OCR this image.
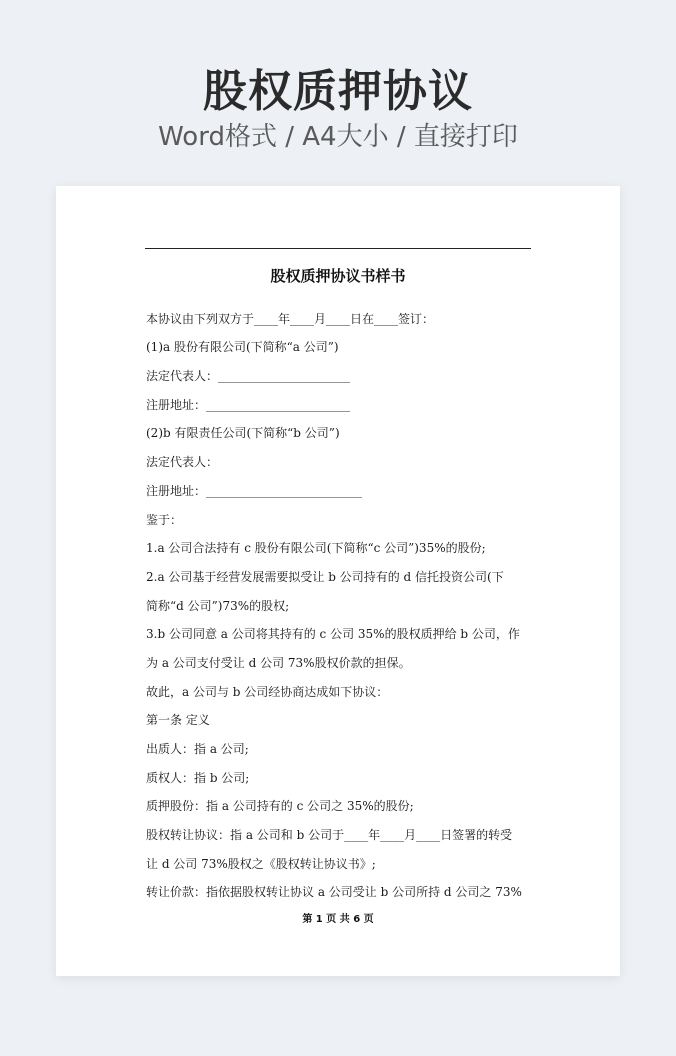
股权质押协议
Word格式 / A4大小 / 直接打印
股权质押协议书样书
本协议由下列双方于____年____月____日在____签订：
(1)a 股份有限公司(下简称“a 公司”)
法定代表人：______________________
注册地址：________________________
(2)b 有限责任公司(下简称“b 公司”)
法定代表人：
注册地址：__________________________
鉴于：
1.a 公司合法持有 c 股份有限公司(下简称“c 公司”)35%的股份;
2.a 公司基于经营发展需要拟受让 b 公司持有的 d 信托投资公司(下
简称“d 公司”)73%的股权;
3.b 公司同意 a 公司将其持有的 c 公司 35%的股权质押给 b 公司，作
为 a 公司支付受让 d 公司 73%股权价款的担保。
故此，a 公司与 b 公司经协商达成如下协议：
第一条 定义
出质人：指 a 公司;
质权人：指 b 公司;
质押股份：指 a 公司持有的 c 公司之 35%的股份;
股权转让协议：指 a 公司和 b 公司于____年____月____日签署的转受
让 d 公司 73%股权之《股权转让协议书》;
转让价款：指依据股权转让协议 a 公司受让 b 公司所持 d 公司之 73%
第 1 页 共 6 页
